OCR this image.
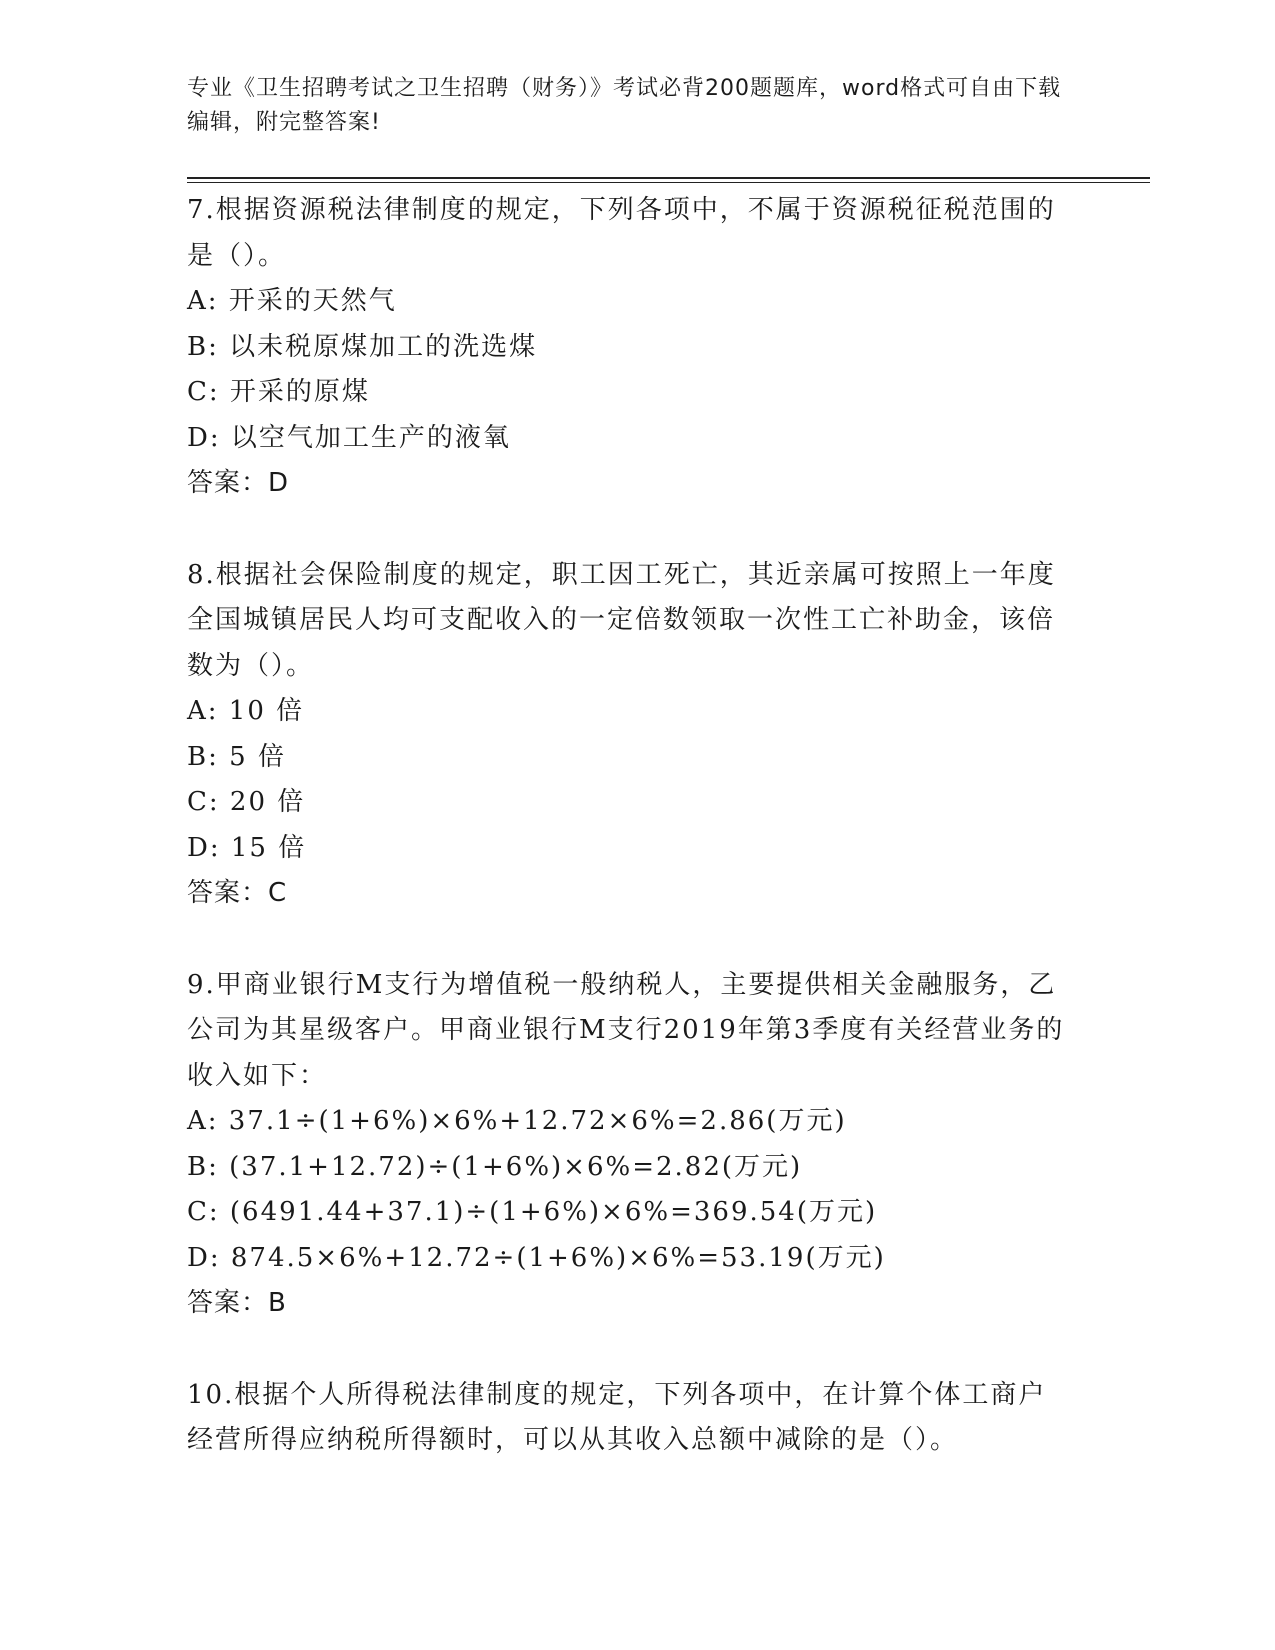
专业《卫生招聘考试之卫生招聘（财务）》考试必背200题题库，word格式可自由下载编辑，附完整答案!
7.根据资源税法律制度的规定，下列各项中，不属于资源税征税范围的是（）。
A: 开采的天然气
B: 以未税原煤加工的洗选煤
C: 开采的原煤
D: 以空气加工生产的液氧
答案：D
8.根据社会保险制度的规定，职工因工死亡，其近亲属可按照上一年度全国城镇居民人均可支配收入的一定倍数领取一次性工亡补助金，该倍数为（）。
A: 10 倍
B: 5 倍
C: 20 倍
D: 15 倍
答案：C
9.甲商业银行M支行为增值税一般纳税人，主要提供相关金融服务，乙公司为其星级客户。甲商业银行M支行2019年第3季度有关经营业务的收入如下：
A: 37.1÷(1+6%)×6%+12.72×6%=2.86(万元)
B: (37.1+12.72)÷(1+6%)×6%=2.82(万元)
C: (6491.44+37.1)÷(1+6%)×6%=369.54(万元)
D: 874.5×6%+12.72÷(1+6%)×6%=53.19(万元)
答案：B
10.根据个人所得税法律制度的规定，下列各项中，在计算个体工商户经营所得应纳税所得额时，可以从其收入总额中减除的是（）。
